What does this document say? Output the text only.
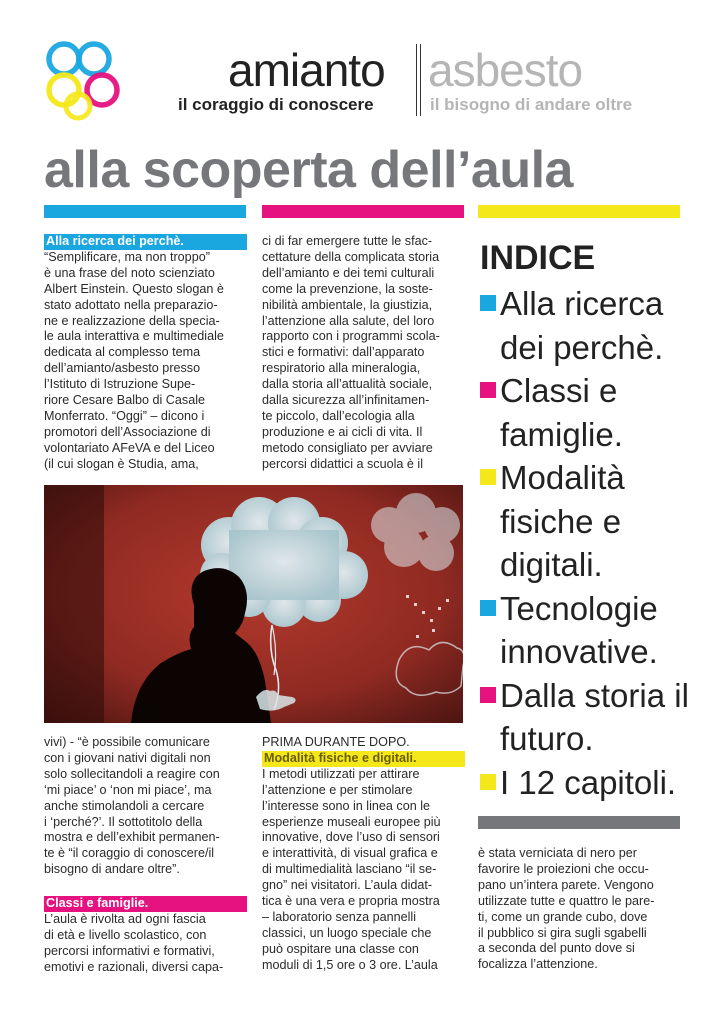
amianto asbesto
il coraggio di conoscere	il bisogno di andare oltre
alla scoperta dell’aula

Alla ricerca dei perchè.

“Semplificare, ma non troppo”

è una frase del noto scienziato

Albert Einstein. Questo slogan è

stato adottato nella preparazio-

ne e realizzazione della specia-

le aula interattiva e multimediale

dedicata al complesso tema

dell’amianto/asbesto presso

l’Istituto di Istruzione Supe-

riore Cesare Balbo di Casale

Monferrato. “Oggi” – dicono i

promotori dell’Associazione di

volontariato AFeVA e del Liceo

(il cui slogan è Studia, ama,

ci di far emergere tutte le sfac-

cettature della complicata storia

dell’amianto e dei temi culturali

come la prevenzione, la soste-

nibilità ambientale, la giustizia,

l’attenzione alla salute, del loro

rapporto con i programmi scola-

stici e formativi: dall’apparato

respiratorio alla mineralogia,

dalla storia all’attualità sociale,

dalla sicurezza all’infinitamen-

te piccolo, dall’ecologia alla

produzione e ai cicli di vita. Il

metodo consigliato per avviare

percorsi didattici a scuola è il

INDICE
Alla ricerca dei perchè.
Classi e famiglie.
Modalità fisiche e digitali.
Tecnologie innovative.
Dalla storia il futuro.
I 12 capitoli.

vivi) - “è possibile comunicare

con i giovani nativi digitali non

solo sollecitandoli a reagire con

‘mi piace’ o ‘non mi piace’, ma

anche stimolandoli a cercare

i ‘perché?’. Il sottotitolo della

mostra e dell’exhibit permanen-

te è “il coraggio di conoscere/il

bisogno di andare oltre”.

Classi e famiglie.

L’aula è rivolta ad ogni fascia

di età e livello scolastico, con

percorsi informativi e formativi,

emotivi e razionali, diversi capa-

PRIMA DURANTE DOPO.

Modalità fisiche e digitali.

I metodi utilizzati per attirare

l’attenzione e per stimolare

l’interesse sono in linea con le

esperienze museali europee più

innovative, dove l’uso di sensori

e interattività, di visual grafica e

di multimedialità lasciano “il se-

gno” nei visitatori. L’aula didat-

tica è una vera e propria mostra

– laboratorio senza pannelli

classici, un luogo speciale che

può ospitare una classe con

moduli di 1,5 ore o 3 ore. L’aula

è stata verniciata di nero per

favorire le proiezioni che occu-

pano un’intera parete. Vengono

utilizzate tutte e quattro le pare-

ti, come un grande cubo, dove

il pubblico si gira sugli sgabelli

a seconda del punto dove si

focalizza l’attenzione.
